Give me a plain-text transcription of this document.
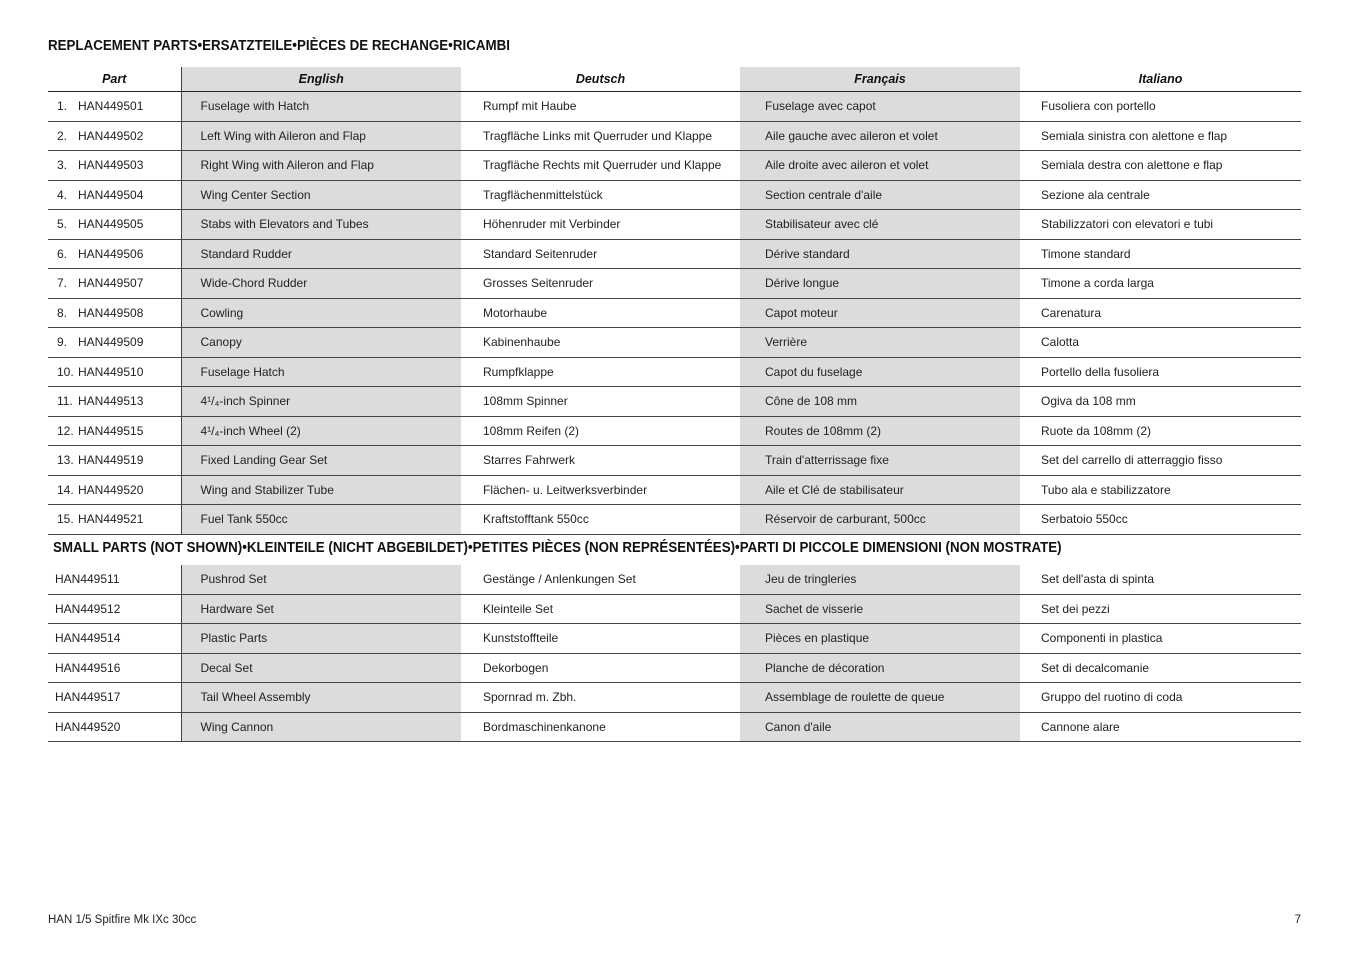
REPLACEMENT PARTS•ERSATZTEILE•PIÈCES DE RECHANGE•RICAMBI
Part	English	Deutsch	Français	Italiano
1. HAN449501	Fuselage with Hatch	Rumpf mit Haube	Fuselage avec capot	Fusoliera con portello
2. HAN449502	Left Wing with Aileron and Flap	Tragfläche Links mit Querruder und Klappe	Aile gauche avec aileron et volet	Semiala sinistra con alettone e flap
3. HAN449503	Right Wing with Aileron and Flap	Tragfläche Rechts mit Querruder und Klappe	Aile droite avec aileron et volet	Semiala destra con alettone e flap
4. HAN449504	Wing Center Section	Tragflächenmittelstück	Section centrale d'aile	Sezione ala centrale
5. HAN449505	Stabs with Elevators and Tubes	Höhenruder mit Verbinder	Stabilisateur avec clé	Stabilizzatori con elevatori e tubi
6. HAN449506	Standard Rudder	Standard Seitenruder	Dérive standard	Timone standard
7. HAN449507	Wide-Chord Rudder	Grosses Seitenruder	Dérive longue	Timone a corda larga
8. HAN449508	Cowling	Motorhaube	Capot moteur	Carenatura
9. HAN449509	Canopy	Kabinenhaube	Verrière	Calotta
10. HAN449510	Fuselage Hatch	Rumpfklappe	Capot du fuselage	Portello della fusoliera
11. HAN449513	4¹/₄-inch Spinner	108mm Spinner	Cône de 108 mm	Ogiva da 108 mm
12. HAN449515	4¹/₄-inch Wheel (2)	108mm Reifen (2)	Routes de 108mm (2)	Ruote da 108mm (2)
13. HAN449519	Fixed Landing Gear Set	Starres Fahrwerk	Train d'atterrissage fixe	Set del carrello di atterraggio fisso
14. HAN449520	Wing and Stabilizer Tube	Flächen- u. Leitwerksverbinder	Aile et Clé de stabilisateur	Tubo ala e stabilizzatore
15. HAN449521	Fuel Tank 550cc	Kraftstofftank 550cc	Réservoir de carburant, 500cc	Serbatoio 550cc
SMALL PARTS (NOT SHOWN)•KLEINTEILE (NICHT ABGEBILDET)•PETITES PIÈCES (NON REPRÉSENTÉES)•PARTI DI PICCOLE DIMENSIONI (NON MOSTRATE)
HAN449511	Pushrod Set	Gestänge / Anlenkungen Set	Jeu de tringleries	Set dell'asta di spinta
HAN449512	Hardware Set	Kleinteile Set	Sachet de visserie	Set dei pezzi
HAN449514	Plastic Parts	Kunststoffteile	Pièces en plastique	Componenti in plastica
HAN449516	Decal Set	Dekorbogen	Planche de décoration	Set di decalcomanie
HAN449517	Tail Wheel Assembly	Spornrad m. Zbh.	Assemblage de roulette de queue	Gruppo del ruotino di coda
HAN449520	Wing Cannon	Bordmaschinenkanone	Canon d'aile	Cannone alare
HAN 1/5 Spitfire Mk IXc 30cc	7
